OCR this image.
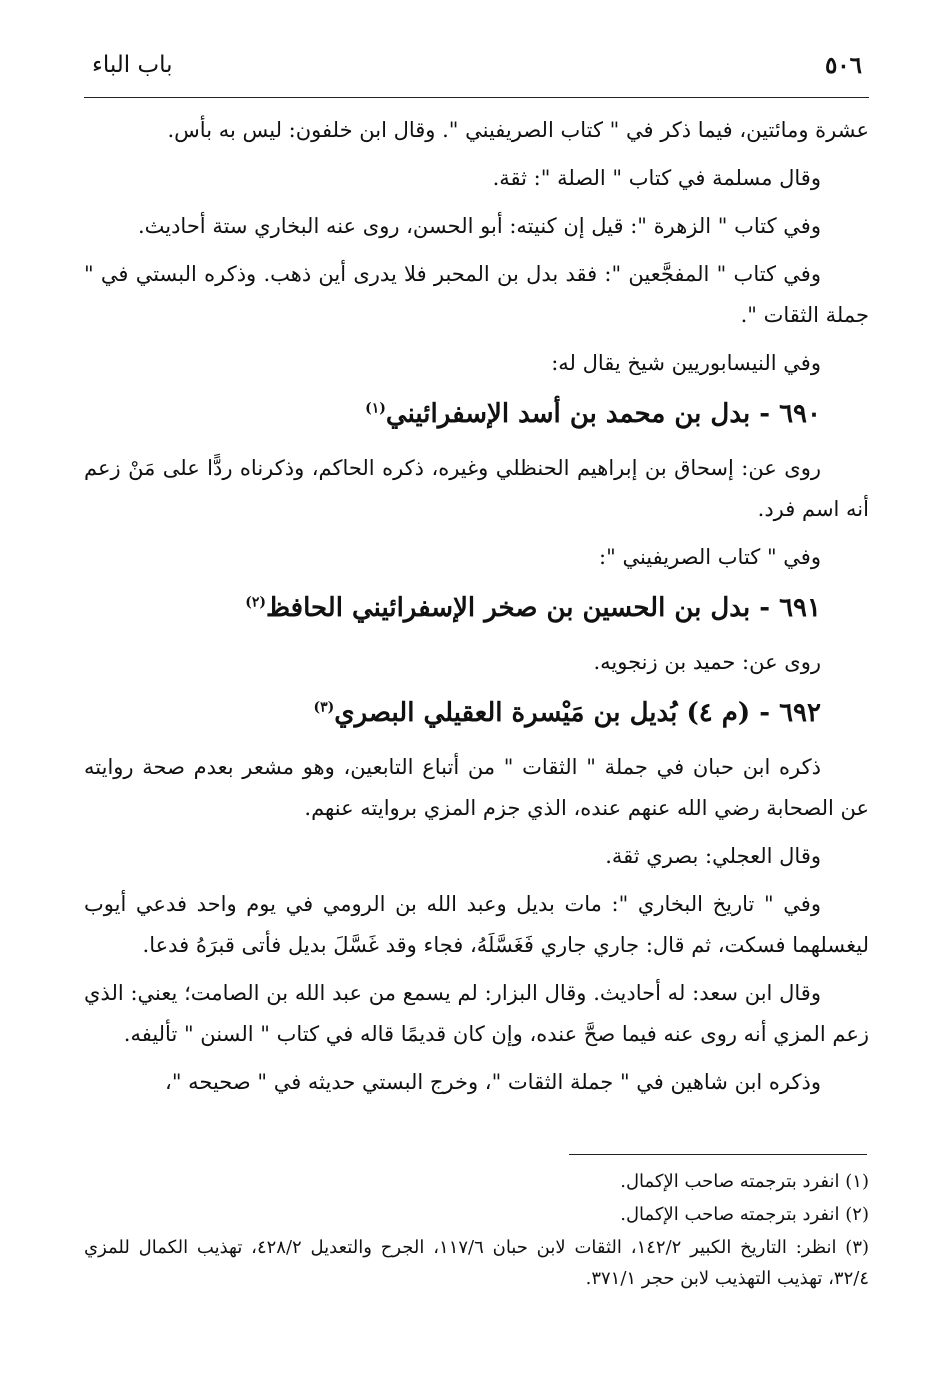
٥٠٦
باب الباء

عشرة ومائتين، فيما ذكر في " كتاب الصريفيني ". وقال ابن خلفون: ليس به بأس.

وقال مسلمة في كتاب " الصلة ": ثقة.

وفي كتاب " الزهرة ": قيل إن كنيته: أبو الحسن، روى عنه البخاري ستة أحاديث.

وفي كتاب " المفجَّعين ": فقد بدل بن المحبر فلا يدرى أين ذهب. وذكره البستي في " جملة الثقات ".

وفي النيسابوريين شيخ يقال له:

٦٩٠ - بدل بن محمد بن أسد الإسفرائيني$^{(١)}$

روى عن: إسحاق بن إبراهيم الحنظلي وغيره، ذكره الحاكم، وذكرناه ردًّا على مَنْ زعم أنه اسم فرد.

وفي " كتاب الصريفيني ":

٦٩١ - بدل بن الحسين بن صخر الإسفرائيني الحافظ$^{(٢)}$

روى عن: حميد بن زنجويه.

٦٩٢ - (م ٤) بُديل بن مَيْسرة العقيلي البصري$^{(٣)}$

ذكره ابن حبان في جملة " الثقات " من أتباع التابعين، وهو مشعر بعدم صحة روايته عن الصحابة رضي الله عنهم عنده، الذي جزم المزي بروايته عنهم.

وقال العجلي: بصري ثقة.

وفي " تاريخ البخاري ": مات بديل وعبد الله بن الرومي في يوم واحد فدعي أيوب ليغسلهما فسكت، ثم قال: جاري جاري فَغَسَّلَهُ، فجاء وقد غَسَّلَ بديل فأتى قبرَهُ فدعا.

وقال ابن سعد: له أحاديث. وقال البزار: لم يسمع من عبد الله بن الصامت؛ يعني: الذي زعم المزي أنه روى عنه فيما صحَّ عنده، وإن كان قديمًا قاله في كتاب " السنن " تأليفه.

وذكره ابن شاهين في " جملة الثقات "، وخرج البستي حديثه في " صحيحه "،

(١) انفرد بترجمته صاحب الإكمال.

(٢) انفرد بترجمته صاحب الإكمال.

(٣) انظر: التاريخ الكبير ١٤٢/٢، الثقات لابن حبان ١١٧/٦، الجرح والتعديل ٤٢٨/٢، تهذيب الكمال للمزي ٣٢/٤، تهذيب التهذيب لابن حجر ٣٧١/١.
